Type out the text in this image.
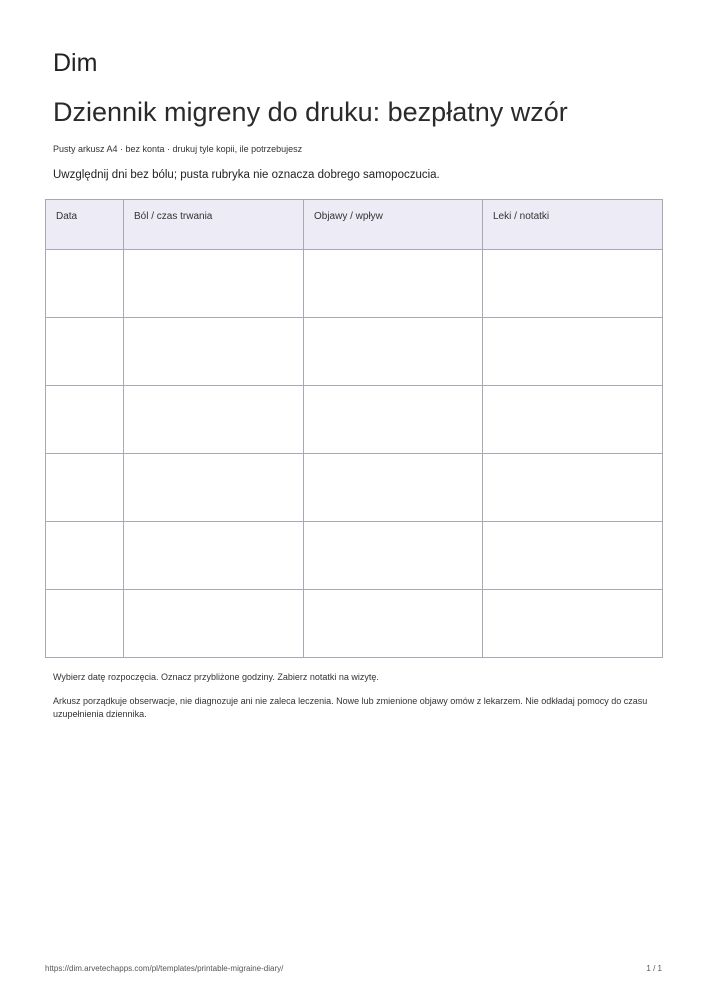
Dim
Dziennik migreny do druku: bezpłatny wzór
Pusty arkusz A4 · bez konta · drukuj tyle kopii, ile potrzebujesz
Uwzględnij dni bez bólu; pusta rubryka nie oznacza dobrego samopoczucia.
Data	Ból / czas trwania	Objawy / wpływ	Leki / notatki

Wybierz datę rozpoczęcia. Oznacz przybliżone godziny. Zabierz notatki na wizytę.
Arkusz porządkuje obserwacje, nie diagnozuje ani nie zaleca leczenia. Nowe lub zmienione objawy omów z lekarzem. Nie odkładaj pomocy do czasu uzupełnienia dziennika.
https://dim.arvetechapps.com/pl/templates/printable-migraine-diary/	1 / 1
